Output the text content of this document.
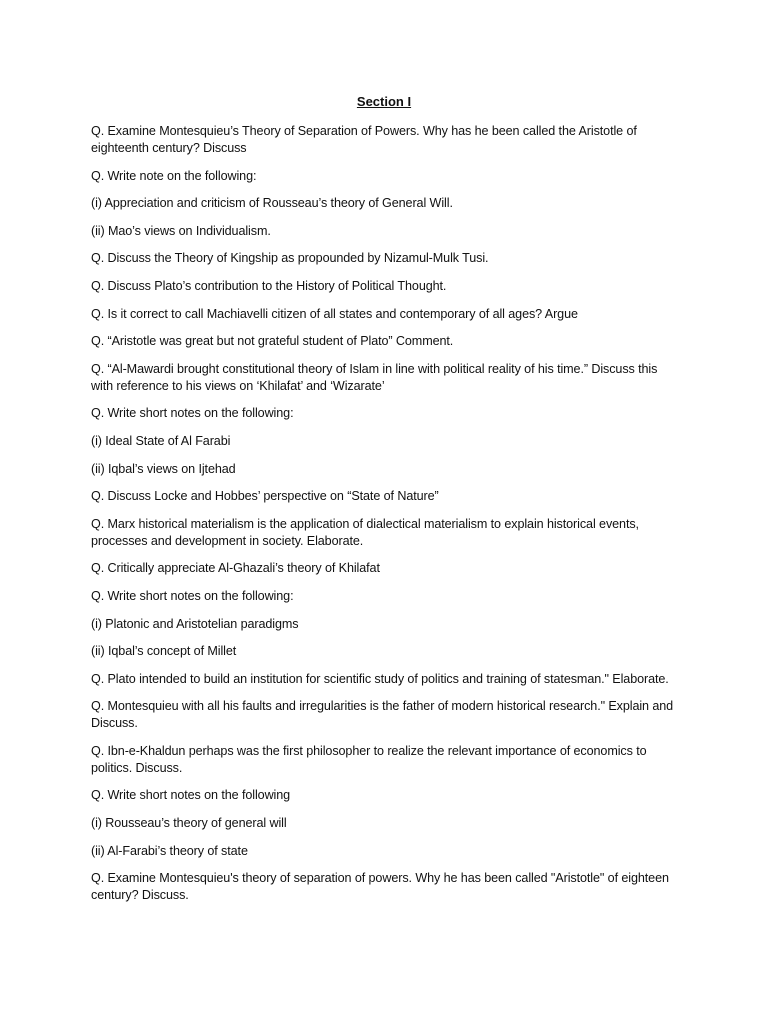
Section I

Q. Examine Montesquieu’s Theory of Separation of Powers. Why has he been called the Aristotle of eighteenth century? Discuss

Q. Write note on the following:

(i) Appreciation and criticism of Rousseau’s theory of General Will.

(ii) Mao’s views on Individualism.

Q. Discuss the Theory of Kingship as propounded by Nizamul-Mulk Tusi.

Q. Discuss Plato’s contribution to the History of Political Thought.

Q. Is it correct to call Machiavelli citizen of all states and contemporary of all ages? Argue

Q. “Aristotle was great but not grateful student of Plato” Comment.

Q. “Al-Mawardi brought constitutional theory of Islam in line with political reality of his time.” Discuss this with reference to his views on ‘Khilafat’ and ‘Wizarate’

Q. Write short notes on the following:

(i) Ideal State of Al Farabi

(ii) Iqbal’s views on Ijtehad

Q. Discuss Locke and Hobbes’ perspective on “State of Nature”

Q. Marx historical materialism is the application of dialectical materialism to explain historical events, processes and development in society. Elaborate.

Q. Critically appreciate Al-Ghazali’s theory of Khilafat

Q. Write short notes on the following:

(i) Platonic and Aristotelian paradigms

(ii) Iqbal’s concept of Millet

Q. Plato intended to build an institution for scientific study of politics and training of statesman." Elaborate.

Q. Montesquieu with all his faults and irregularities is the father of modern historical research." Explain and Discuss.

Q. Ibn-e-Khaldun perhaps was the first philosopher to realize the relevant importance of economics to politics. Discuss.

Q. Write short notes on the following

(i) Rousseau’s theory of general will

(ii) Al-Farabi’s theory of state

Q. Examine Montesquieu's theory of separation of powers. Why he has been called "Aristotle" of eighteen century? Discuss.
